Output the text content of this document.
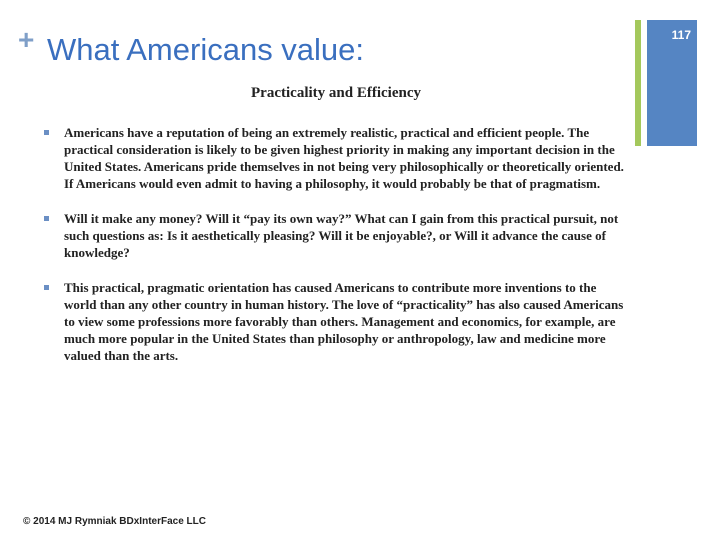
+ What Americans value:	117
Practicality and Efficiency
Americans have a reputation of being an extremely realistic, practical and efficient people. The practical consideration is likely to be given highest priority in making any important decision in the United States. Americans pride themselves in not being very philosophically or theoretically oriented. If Americans would even admit to having a philosophy, it would probably be that of pragmatism.
Will it make any money? Will it “pay its own way?” What can I gain from this practical pursuit, not such questions as: Is it aesthetically pleasing? Will it be enjoyable?, or Will it advance the cause of knowledge?
This practical, pragmatic orientation has caused Americans to contribute more inventions to the world than any other country in human history. The love of “practicality” has also caused Americans to view some professions more favorably than others. Management and economics, for example, are much more popular in the United States than philosophy or anthropology, law and medicine more valued than the arts.
© 2014 MJ Rymniak BDxInterFace LLC
